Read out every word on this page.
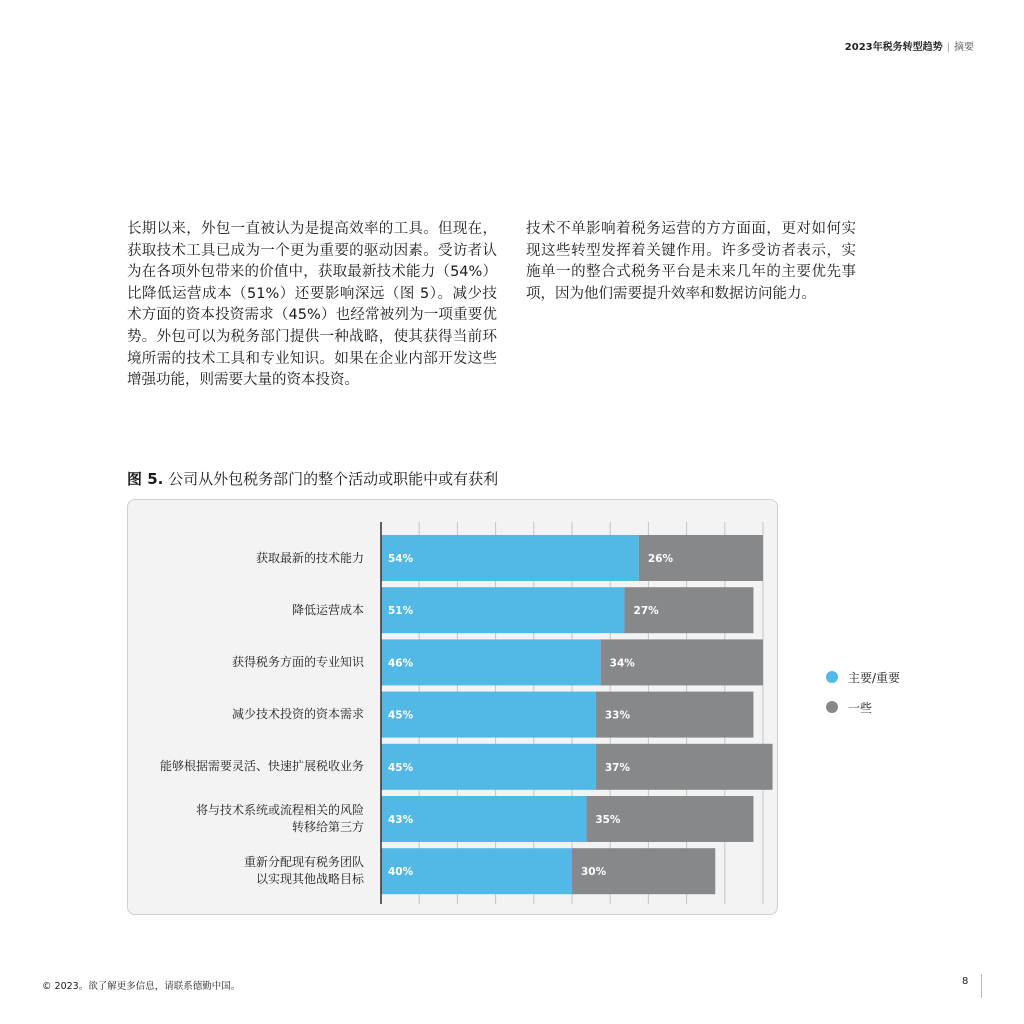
2023年税务转型趋势 | 摘要
长期以来，外包一直被认为是提高效率的工具。但现在，获取技术工具已成为一个更为重要的驱动因素。受访者认为在各项外包带来的价值中，获取最新技术能力（54%）比降低运营成本（51%）还要影响深远（图 5）。减少技术方面的资本投资需求（45%）也经常被列为一项重要优势。外包可以为税务部门提供一种战略，使其获得当前环境所需的技术工具和专业知识。如果在企业内部开发这些增强功能，则需要大量的资本投资。
技术不单影响着税务运营的方方面面，更对如何实现这些转型发挥着关键作用。许多受访者表示，实施单一的整合式税务平台是未来几年的主要优先事项，因为他们需要提升效率和数据访问能力。
图 5. 公司从外包税务部门的整个活动或职能中或有获利
54%	26%
51%	27%
46%	34%
45%	33%
45%	37%
43%	35%
40%	30%
获取最新的技术能力
降低运营成本
获得税务方面的专业知识
减少技术投资的资本需求
能够根据需要灵活、快速扩展税收业务
将与技术系统或流程相关的风险
转移给第三方
重新分配现有税务团队
以实现其他战略目标
主要/重要
一些
© 2023。欲了解更多信息，请联系德勤中国。	8
